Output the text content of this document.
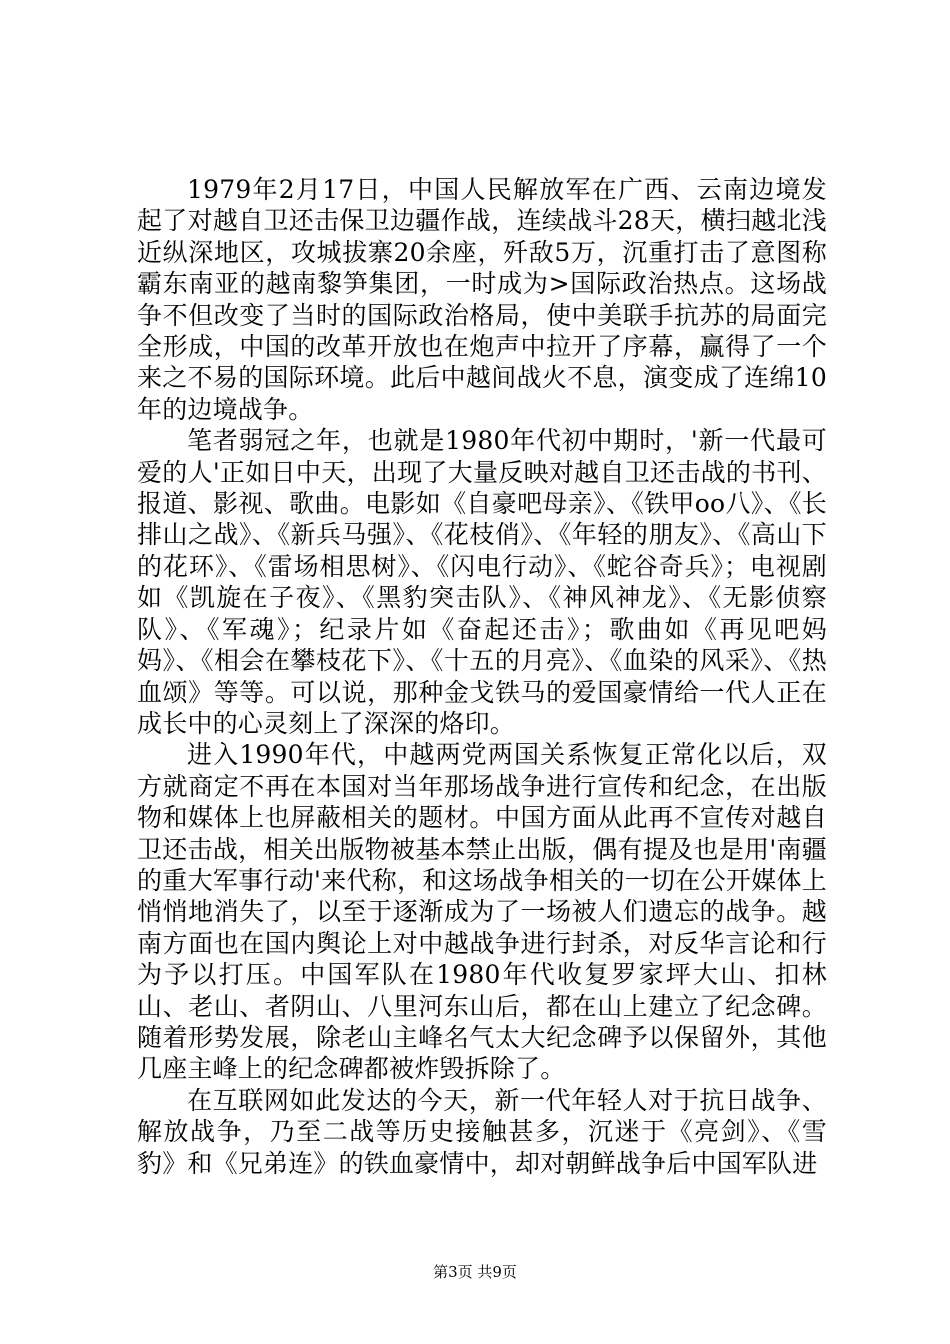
1979年2月17日，中国人民解放军在广西、云南边境发起了对越自卫还击保卫边疆作战，连续战斗28天，横扫越北浅近纵深地区，攻城拔寨20余座，歼敌5万，沉重打击了意图称霸东南亚的越南黎笋集团，一时成为>国际政治热点。这场战争不但改变了当时的国际政治格局，使中美联手抗苏的局面完全形成，中国的改革开放也在炮声中拉开了序幕，赢得了一个来之不易的国际环境。此后中越间战火不息，演变成了连绵10年的边境战争。

笔者弱冠之年，也就是1980年代初中期时，'新一代最可爱的人'正如日中天，出现了大量反映对越自卫还击战的书刊、报道、影视、歌曲。电影如《自豪吧母亲》、《铁甲oo八》、《长排山之战》、《新兵马强》、《花枝俏》、《年轻的朋友》、《高山下的花环》、《雷场相思树》、《闪电行动》、《蛇谷奇兵》；电视剧如《凯旋在子夜》、《黑豹突击队》、《神风神龙》、《无影侦察队》、《军魂》；纪录片如《奋起还击》；歌曲如《再见吧妈妈》、《相会在攀枝花下》、《十五的月亮》、《血染的风采》、《热血颂》等等。可以说，那种金戈铁马的爱国豪情给一代人正在成长中的心灵刻上了深深的烙印。

进入1990年代，中越两党两国关系恢复正常化以后，双方就商定不再在本国对当年那场战争进行宣传和纪念，在出版物和媒体上也屏蔽相关的题材。中国方面从此再不宣传对越自卫还击战，相关出版物被基本禁止出版，偶有提及也是用'南疆的重大军事行动'来代称，和这场战争相关的一切在公开媒体上悄悄地消失了，以至于逐渐成为了一场被人们遗忘的战争。越南方面也在国内舆论上对中越战争进行封杀，对反华言论和行为予以打压。中国军队在1980年代收复罗家坪大山、扣林山、老山、者阴山、八里河东山后，都在山上建立了纪念碑。随着形势发展，除老山主峰名气太大纪念碑予以保留外，其他几座主峰上的纪念碑都被炸毁拆除了。

在互联网如此发达的今天，新一代年轻人对于抗日战争、解放战争，乃至二战等历史接触甚多，沉迷于《亮剑》、《雪豹》和《兄弟连》的铁血豪情中，却对朝鲜战争后中国军队进

第3页 共9页
